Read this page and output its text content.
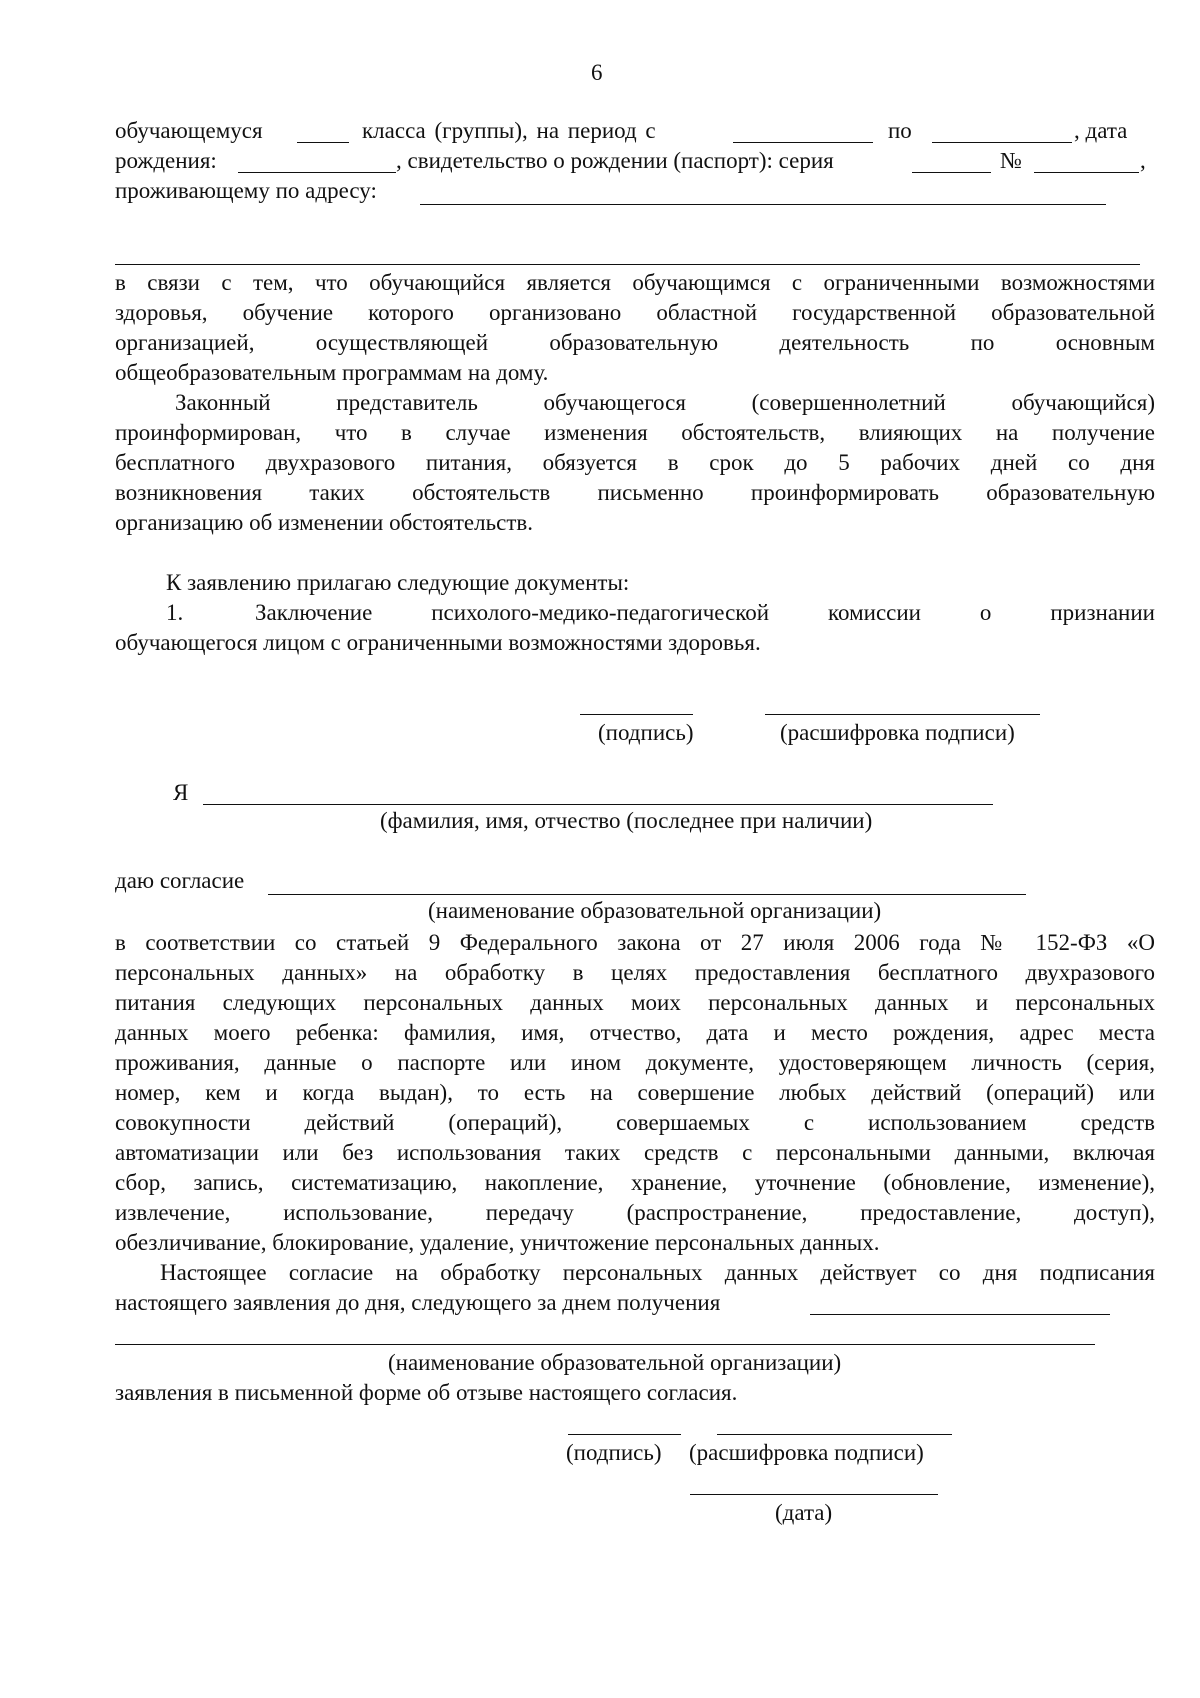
6
обучающемуся	класса (группы), на период с	по	, дата
рождения:	, свидетельство о рождении (паспорт): серия	№	,
проживающему по адресу:
в связи с тем, что обучающийся является обучающимся с ограниченными возможностями
здоровья, обучение которого организовано областной государственной образовательной
организацией, осуществляющей образовательную деятельность по основным
общеобразовательным программам на дому.
Законный представитель обучающегося (совершеннолетний обучающийся)
проинформирован, что в случае изменения обстоятельств, влияющих на получение
бесплатного двухразового питания, обязуется в срок до 5 рабочих дней со дня
возникновения таких обстоятельств письменно проинформировать образовательную
организацию об изменении обстоятельств.
К заявлению прилагаю следующие документы:
1.	Заключение психолого-медико-педагогической комиссии о признании
обучающегося лицом с ограниченными возможностями здоровья.
(подпись)	(расшифровка подписи)
Я
(фамилия, имя, отчество (последнее при наличии)
даю согласие
(наименование образовательной организации)
в соответствии со статьей 9 Федерального закона от 27 июля 2006 года № 152-ФЗ «О
персональных данных» на обработку в целях предоставления бесплатного двухразового
питания следующих персональных данных моих персональных данных и персональных
данных моего ребенка: фамилия, имя, отчество, дата и место рождения, адрес места
проживания, данные о паспорте или ином документе, удостоверяющем личность (серия,
номер, кем и когда выдан), то есть на совершение любых действий (операций) или
совокупности действий (операций), совершаемых с использованием средств
автоматизации или без использования таких средств с персональными данными, включая
сбор, запись, систематизацию, накопление, хранение, уточнение (обновление, изменение),
извлечение, использование, передачу (распространение, предоставление, доступ),
обезличивание, блокирование, удаление, уничтожение персональных данных.
Настоящее согласие на обработку персональных данных действует со дня подписания
настоящего заявления до дня, следующего за днем получения
(наименование образовательной организации)
заявления в письменной форме об отзыве настоящего согласия.
(подпись) (расшифровка подписи)
(дата)
